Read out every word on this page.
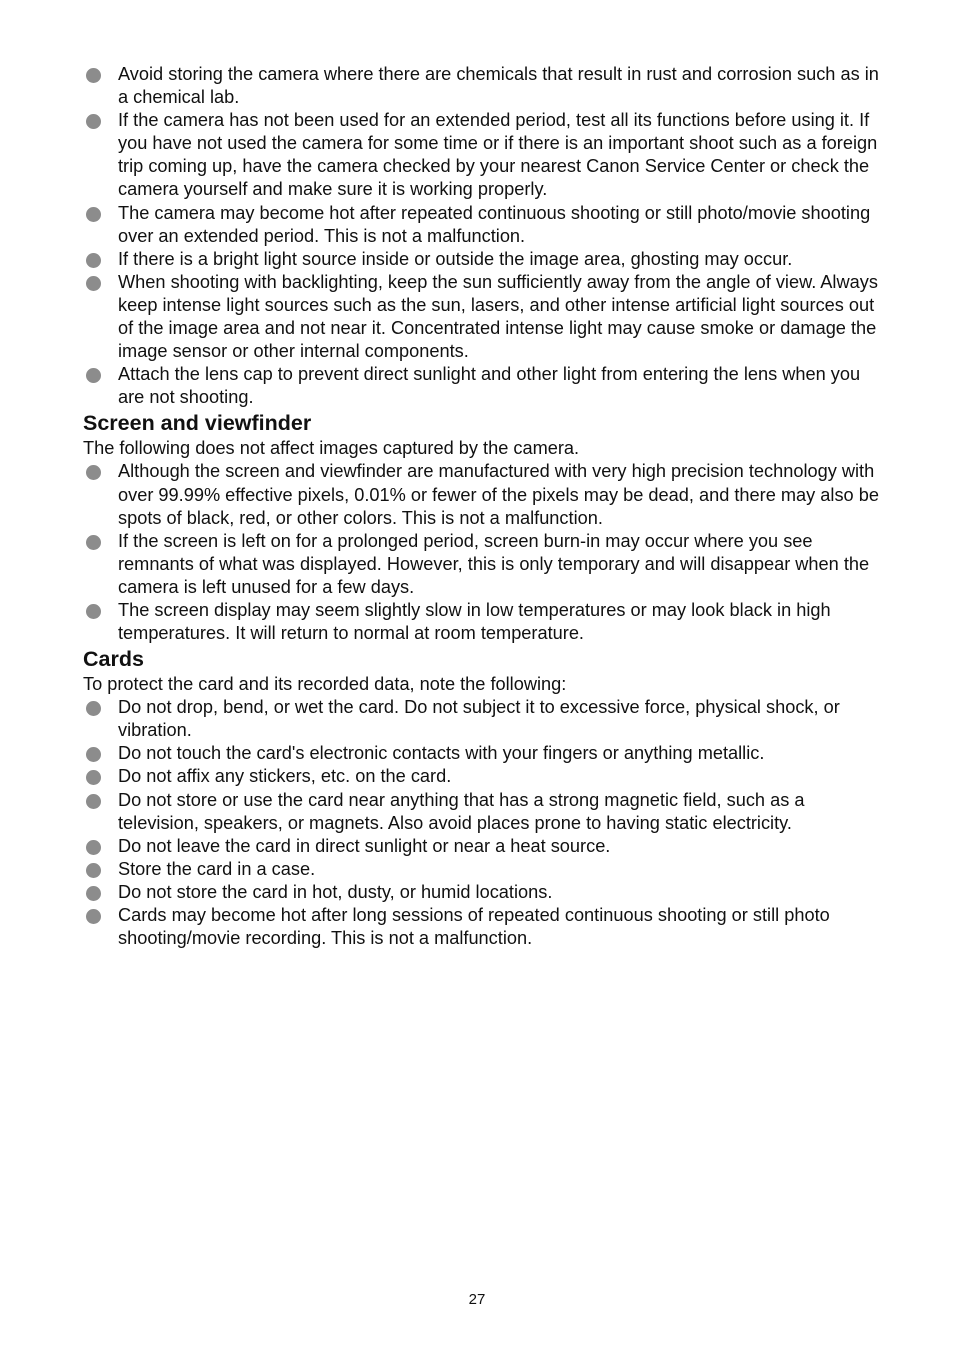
Avoid storing the camera where there are chemicals that result in rust and corrosion such as in a chemical lab.
If the camera has not been used for an extended period, test all its functions before using it. If you have not used the camera for some time or if there is an important shoot such as a foreign trip coming up, have the camera checked by your nearest Canon Service Center or check the camera yourself and make sure it is working properly.
The camera may become hot after repeated continuous shooting or still photo/movie shooting over an extended period. This is not a malfunction.
If there is a bright light source inside or outside the image area, ghosting may occur.
When shooting with backlighting, keep the sun sufficiently away from the angle of view. Always keep intense light sources such as the sun, lasers, and other intense artificial light sources out of the image area and not near it. Concentrated intense light may cause smoke or damage the image sensor or other internal components.
Attach the lens cap to prevent direct sunlight and other light from entering the lens when you are not shooting.
Screen and viewfinder

The following does not affect images captured by the camera.

Although the screen and viewfinder are manufactured with very high precision technology with over 99.99% effective pixels, 0.01% or fewer of the pixels may be dead, and there may also be spots of black, red, or other colors. This is not a malfunction.
If the screen is left on for a prolonged period, screen burn-in may occur where you see remnants of what was displayed. However, this is only temporary and will disappear when the camera is left unused for a few days.
The screen display may seem slightly slow in low temperatures or may look black in high temperatures. It will return to normal at room temperature.
Cards

To protect the card and its recorded data, note the following:

Do not drop, bend, or wet the card. Do not subject it to excessive force, physical shock, or vibration.
Do not touch the card's electronic contacts with your fingers or anything metallic.
Do not affix any stickers, etc. on the card.
Do not store or use the card near anything that has a strong magnetic field, such as a television, speakers, or magnets. Also avoid places prone to having static electricity.
Do not leave the card in direct sunlight or near a heat source.
Store the card in a case.
Do not store the card in hot, dusty, or humid locations.
Cards may become hot after long sessions of repeated continuous shooting or still photo shooting/movie recording. This is not a malfunction.
27
